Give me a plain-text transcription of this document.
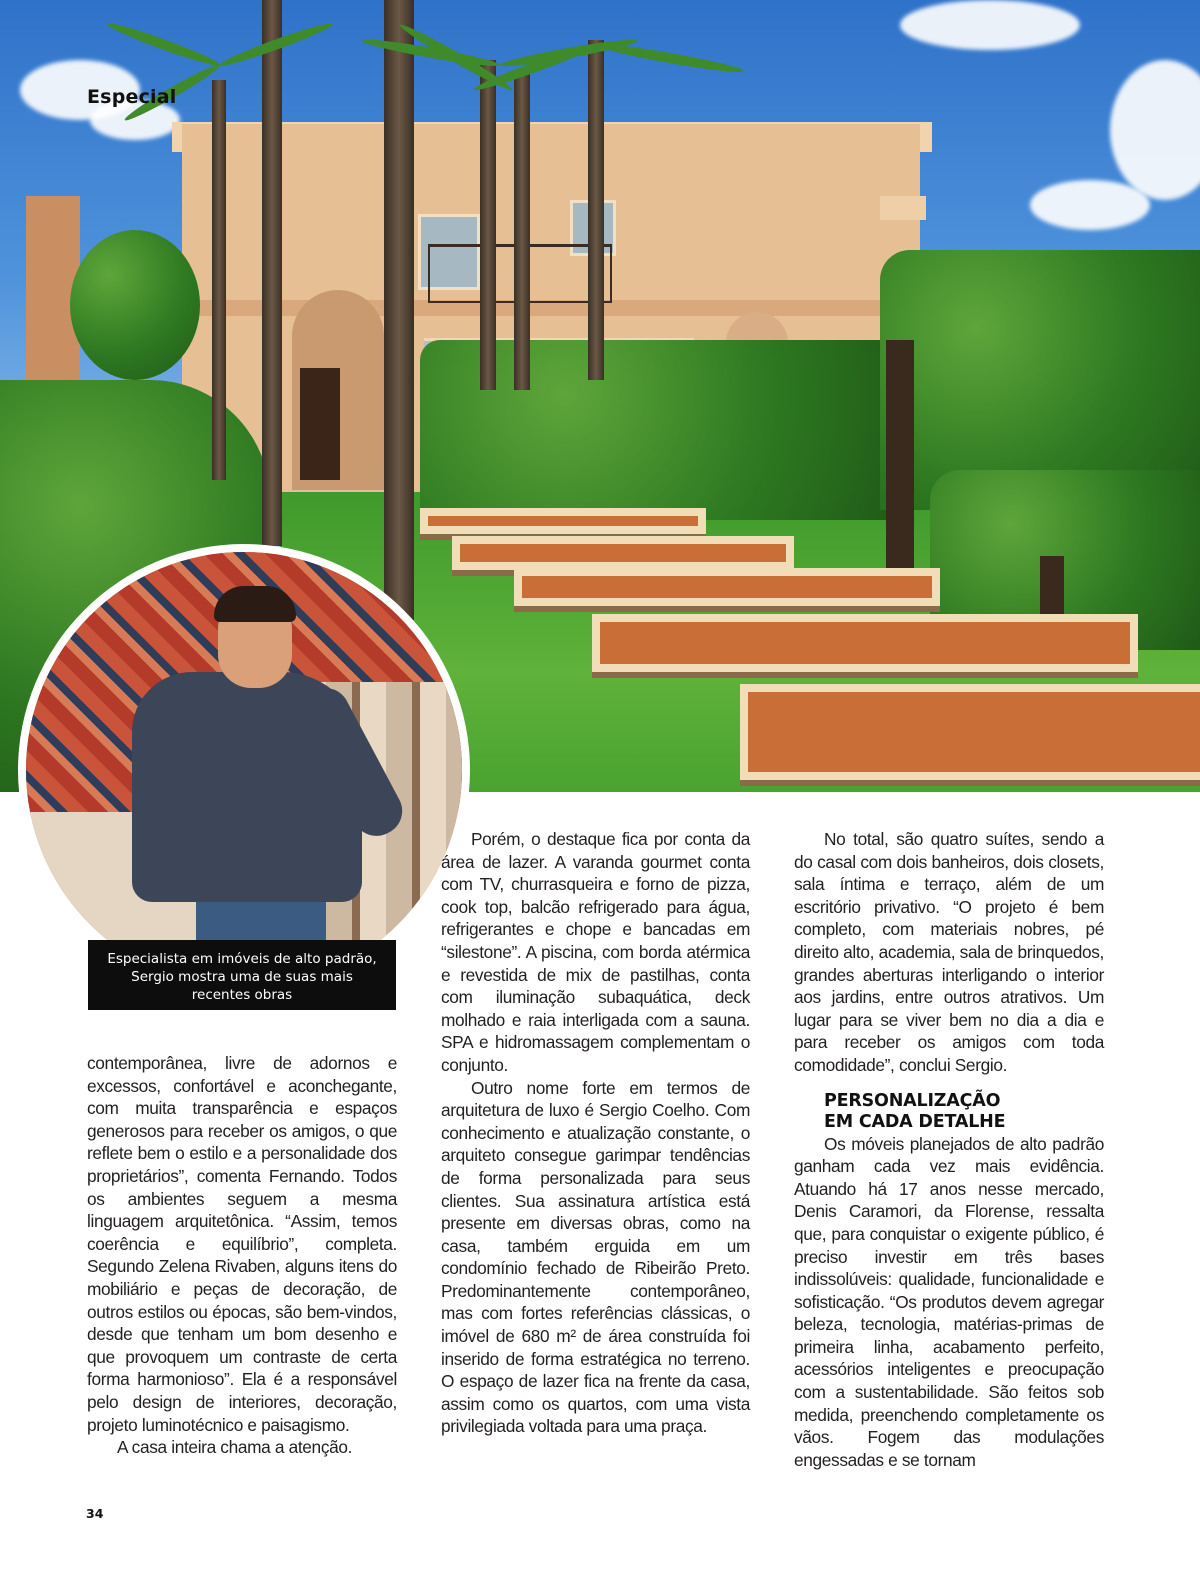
Especial
Especialista em imóveis de alto padrão, Sergio mostra uma de suas mais recentes obras

contemporânea, livre de adornos e excessos, confortável e aconchegante, com muita transparência e espaços generosos para receber os amigos, o que reflete bem o estilo e a personalidade dos proprietários”, comenta Fernando. Todos os ambientes seguem a mesma linguagem arquitetônica. “Assim, temos coerência e equilíbrio”, completa. Segundo Zelena Rivaben, alguns itens do mobiliário e peças de decoração, de outros estilos ou épocas, são bem-vindos, desde que tenham um bom desenho e que provoquem um contraste de certa forma harmonioso”. Ela é a responsável pelo design de interiores, decoração, projeto luminotécnico e paisagismo.

A casa inteira chama a atenção.

Porém, o destaque fica por conta da área de lazer. A varanda gourmet conta com TV, churrasqueira e forno de pizza, cook top, balcão refrigerado para água, refrigerantes e chope e bancadas em “silestone”. A piscina, com borda atérmica e revestida de mix de pastilhas, conta com iluminação subaquática, deck molhado e raia interligada com a sauna. SPA e hidromassagem complementam o conjunto.

Outro nome forte em termos de arquitetura de luxo é Sergio Coelho. Com conhecimento e atualização constante, o arquiteto consegue garimpar tendências de forma personalizada para seus clientes. Sua assinatura artística está presente em diversas obras, como na casa, também erguida em um condomínio fechado de Ribeirão Preto. Predominantemente contemporâneo, mas com fortes referências clássicas, o imóvel de 680 m² de área construída foi inserido de forma estratégica no terreno. O espaço de lazer fica na frente da casa, assim como os quartos, com uma vista privilegiada voltada para uma praça.

No total, são quatro suítes, sendo a do casal com dois banheiros, dois closets, sala íntima e terraço, além de um escritório privativo. “O projeto é bem completo, com materiais nobres, pé direito alto, academia, sala de brinquedos, grandes aberturas interligando o interior aos jardins, entre outros atrativos. Um lugar para se viver bem no dia a dia e para receber os amigos com toda comodidade”, conclui Sergio.

PERSONALIZAÇÃO
EM CADA DETALHE

Os móveis planejados de alto padrão ganham cada vez mais evidência. Atuando há 17 anos nesse mercado, Denis Caramori, da Florense, ressalta que, para conquistar o exigente público, é preciso investir em três bases indissolúveis: qualidade, funcionalidade e sofisticação. “Os produtos devem agregar beleza, tecnologia, matérias-primas de primeira linha, acabamento perfeito, acessórios inteligentes e preocupação com a sustentabilidade. São feitos sob medida, preenchendo completamente os vãos. Fogem das modulações engessadas e se tornam

34
